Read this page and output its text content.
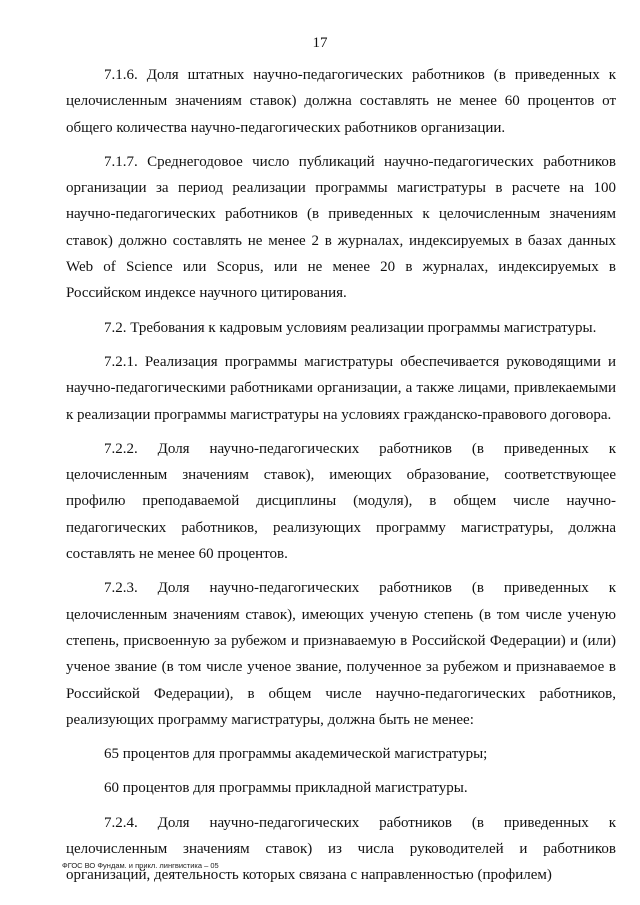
17

7.1.6. Доля штатных научно-педагогических работников (в приведенных к целочисленным значениям ставок) должна составлять не менее 60 процентов от общего количества научно-педагогических работников организации.

7.1.7. Среднегодовое число публикаций научно-педагогических работников организации за период реализации программы магистратуры в расчете на 100 научно-педагогических работников (в приведенных к целочисленным значениям ставок) должно составлять не менее 2 в журналах, индексируемых в базах данных Web of Science или Scopus, или не менее 20 в журналах, индексируемых в Российском индексе научного цитирования.

7.2. Требования к кадровым условиям реализации программы магистратуры.

7.2.1. Реализация программы магистратуры обеспечивается руководящими и научно-педагогическими работниками организации, а также лицами, привлекаемыми к реализации программы магистратуры на условиях гражданско-правового договора.

7.2.2. Доля научно-педагогических работников (в приведенных к целочисленным значениям ставок), имеющих образование, соответствующее профилю преподаваемой дисциплины (модуля), в общем числе научно-педагогических работников, реализующих программу магистратуры, должна составлять не менее 60 процентов.

7.2.3. Доля научно-педагогических работников (в приведенных к целочисленным значениям ставок), имеющих ученую степень (в том числе ученую степень, присвоенную за рубежом и признаваемую в Российской Федерации) и (или) ученое звание (в том числе ученое звание, полученное за рубежом и признаваемое в Российской Федерации), в общем числе научно-педагогических работников, реализующих программу магистратуры, должна быть не менее:

65 процентов для программы академической магистратуры;

60 процентов для программы прикладной магистратуры.

7.2.4. Доля научно-педагогических работников (в приведенных к целочисленным значениям ставок) из числа руководителей и работников организаций, деятельность которых связана с направленностью (профилем)

ФГОС ВО Фундам. и прикл. лингвистика – 05
